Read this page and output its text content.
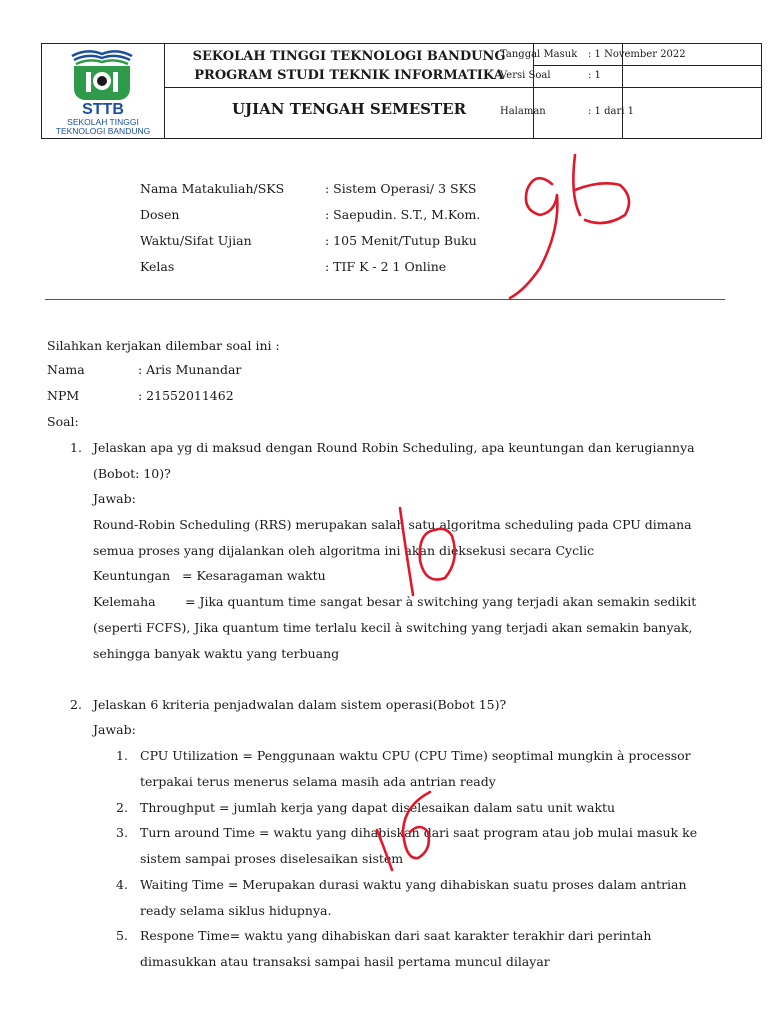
STTB
SEKOLAH TINGGI
TEKNOLOGI BANDUNG
SEKOLAH TINGGI TEKNOLOGI BANDUNG
PROGRAM STUDI TEKNIK INFORMATIKA
UJIAN TENGAH SEMESTER
Tanggal Masuk : 1 November 2022
Versi Soal	: 1
Halaman	: 1 dari 1
Nama Matakuliah/SKS	: Sistem Operasi/ 3 SKS
Dosen	: Saepudin. S.T., M.Kom.
Waktu/Sifat Ujian	: 105 Menit/Tutup Buku
Kelas	: TIF K - 2 1 Online
Silahkan kerjakan dilembar soal ini :
Nama	: Aris Munandar
NPM	: 21552011462
Soal:
1. Jelaskan apa yg di maksud dengan Round Robin Scheduling, apa keuntungan dan kerugiannya
(Bobot: 10)?
Jawab:
Round-Robin Scheduling (RRS) merupakan salah satu algoritma scheduling pada CPU dimana
semua proses yang dijalankan oleh algoritma ini akan dieksekusi secara Cyclic
Keuntungan = Kesaragaman waktu
Kelemaha = Jika quantum time sangat besar à switching yang terjadi akan semakin sedikit
(seperti FCFS), Jika quantum time terlalu kecil à switching yang terjadi akan semakin banyak,
sehingga banyak waktu yang terbuang
2. Jelaskan 6 kriteria penjadwalan dalam sistem operasi(Bobot 15)?
Jawab:
1. CPU Utilization = Penggunaan waktu CPU (CPU Time) seoptimal mungkin à processor
terpakai terus menerus selama masih ada antrian ready
2. Throughput = jumlah kerja yang dapat diselesaikan dalam satu unit waktu
3. Turn around Time = waktu yang dihabiskan dari saat program atau job mulai masuk ke
sistem sampai proses diselesaikan sistem
4. Waiting Time = Merupakan durasi waktu yang dihabiskan suatu proses dalam antrian
ready selama siklus hidupnya.
5. Respone Time= waktu yang dihabiskan dari saat karakter terakhir dari perintah
dimasukkan atau transaksi sampai hasil pertama muncul dilayar
